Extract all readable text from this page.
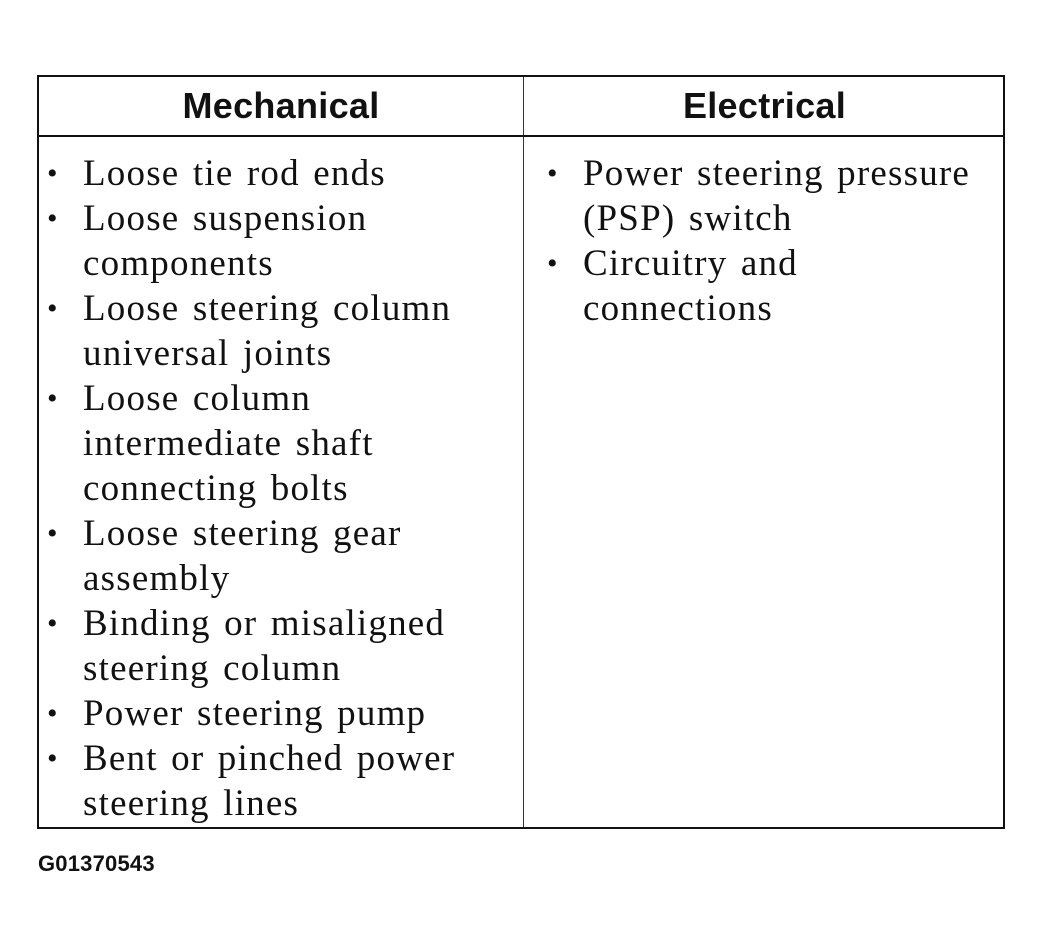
Mechanical	Electrical
• Loose tie rod ends
• Loose suspension components
• Loose steering column universal joints
• Loose column intermediate shaft connecting bolts
• Loose steering gear assembly
• Binding or misaligned steering column
• Power steering pump
• Bent or pinched power steering lines
• Power steering pressure (PSP) switch
• Circuitry and connections
G01370543
